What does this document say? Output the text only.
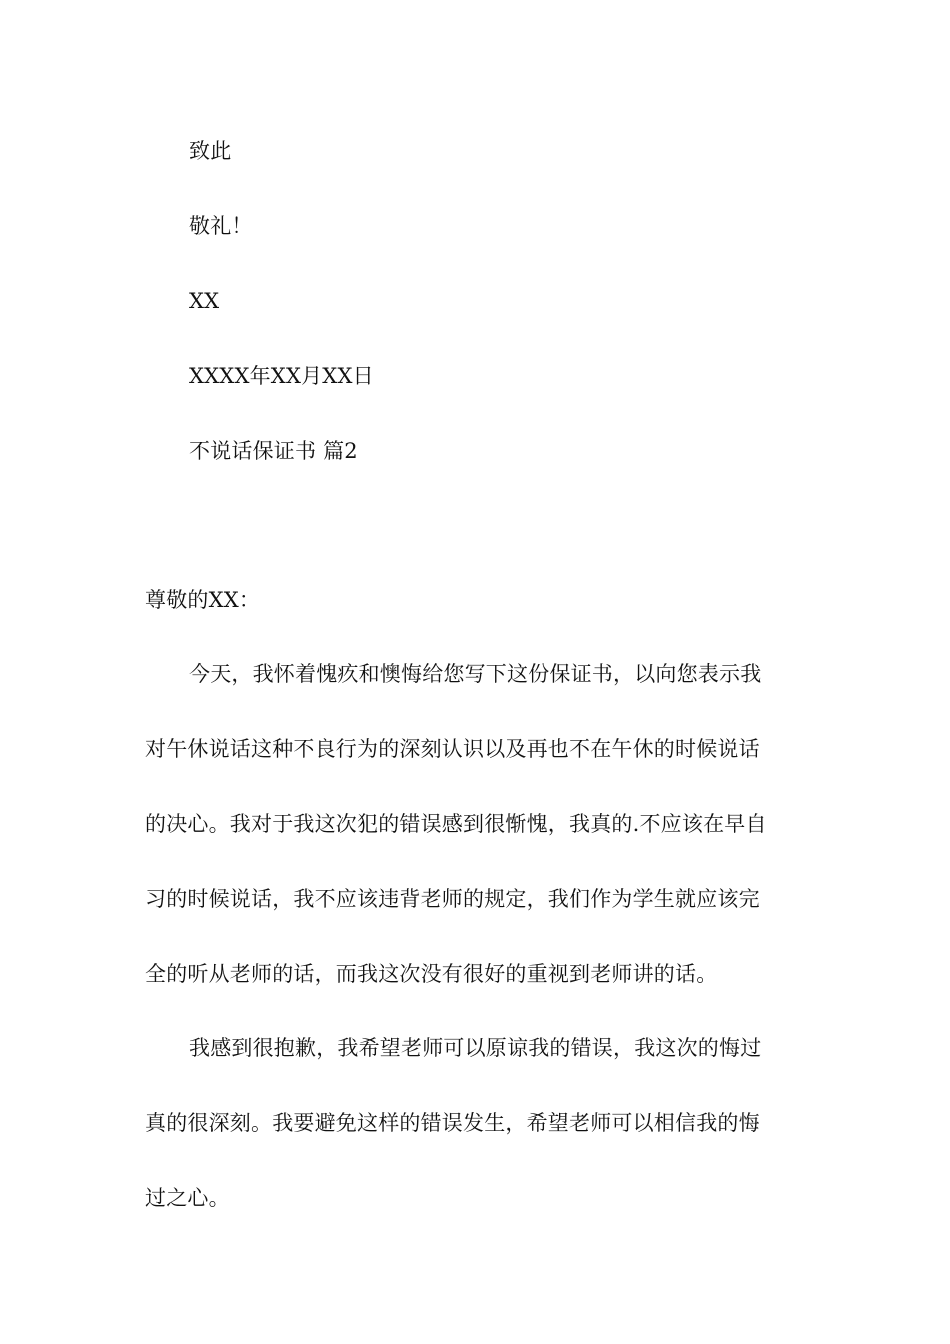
致此
敬礼！
XX
XXXX年XX月XX日
不说话保证书 篇2
尊敬的XX：
今天，我怀着愧疚和懊悔给您写下这份保证书，以向您表示我
对午休说话这种不良行为的深刻认识以及再也不在午休的时候说话
的决心。我对于我这次犯的错误感到很惭愧，我真的.不应该在早自
习的时候说话，我不应该违背老师的规定，我们作为学生就应该完
全的听从老师的话，而我这次没有很好的重视到老师讲的话。
我感到很抱歉，我希望老师可以原谅我的错误，我这次的悔过
真的很深刻。我要避免这样的错误发生，希望老师可以相信我的悔
过之心。
